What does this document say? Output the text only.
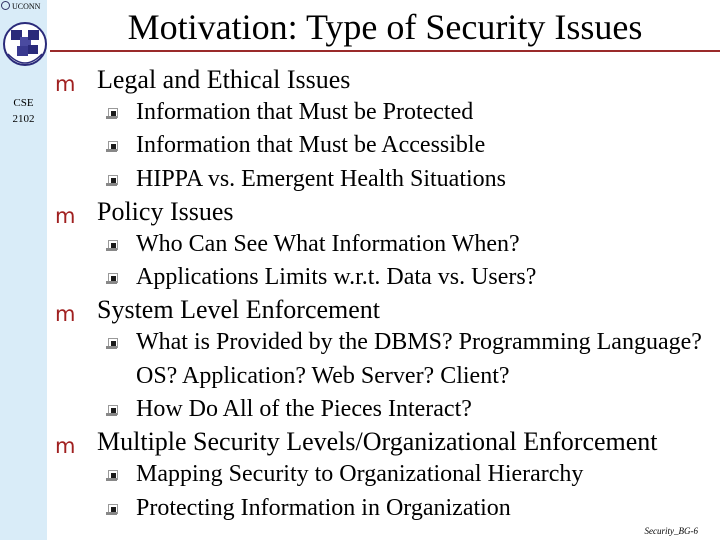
UCONN
CSE
2102
Motivation: Type of Security Issues
m Legal and Ethical Issues
Information that Must be Protected
Information that Must be Accessible
HIPPA vs. Emergent Health Situations
m Policy Issues
Who Can See What Information When?
Applications Limits w.r.t. Data vs. Users?
m System Level Enforcement
What is Provided by the DBMS? Programming Language? OS? Application? Web Server? Client?
How Do All of the Pieces Interact?
m Multiple Security Levels/Organizational Enforcement
Mapping Security to Organizational Hierarchy
Protecting Information in Organization
Security_BG-6
